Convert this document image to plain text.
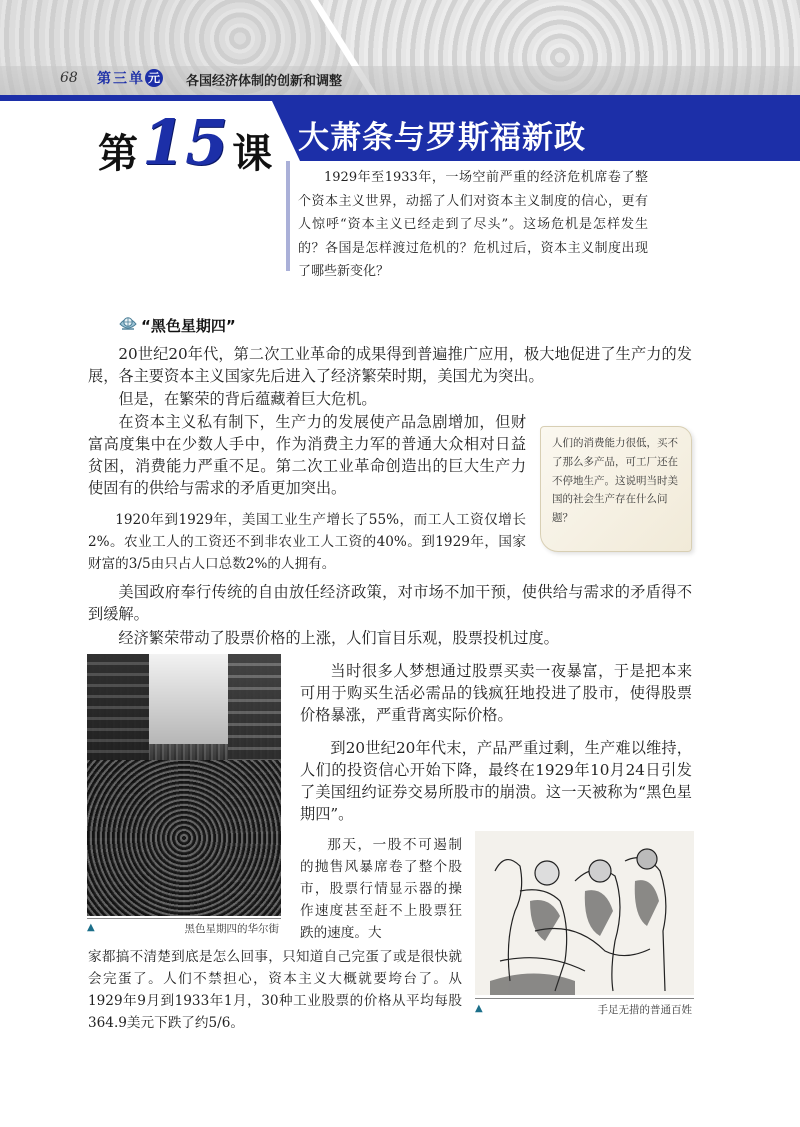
68 第 三 单 元 各国经济体制的创新和调整
第 15 课 大萧条与罗斯福新政
1929年至1933年，一场空前严重的经济危机席卷了整个资本主义世界，动摇了人们对资本主义制度的信心，更有人惊呼“资本主义已经走到了尽头”。这场危机是怎样发生的？各国是怎样渡过危机的？危机过后，资本主义制度出现了哪些新变化？
“黑色星期四”
20世纪20年代，第二次工业革命的成果得到普遍推广应用，极大地促进了生产力的发展，各主要资本主义国家先后进入了经济繁荣时期，美国尤为突出。
但是，在繁荣的背后蕴藏着巨大危机。
在资本主义私有制下，生产力的发展使产品急剧增加，但财富高度集中在少数人手中，作为消费主力军的普通大众相对日益贫困，消费能力严重不足。第二次工业革命创造出的巨大生产力使固有的供给与需求的矛盾更加突出。
1920年到1929年，美国工业生产增长了55%，而工人工资仅增长2%。农业工人的工资还不到非农业工人工资的40%。到1929年，国家财富的3/5由只占人口总数2%的人拥有。
人们的消费能力很低，买不了那么多产品，可工厂还在不停地生产。这说明当时美国的社会生产存在什么问题？
美国政府奉行传统的自由放任经济政策，对市场不加干预，使供给与需求的矛盾得不到缓解。
经济繁荣带动了股票价格的上涨，人们盲目乐观，股票投机过度。
▲	黑色星期四的华尔街
当时很多人梦想通过股票买卖一夜暴富，于是把本来可用于购买生活必需品的钱疯狂地投进了股市，使得股票价格暴涨，严重背离实际价格。
到20世纪20年代末，产品严重过剩，生产难以维持，人们的投资信心开始下降，最终在1929年10月24日引发了美国纽约证券交易所股市的崩溃。这一天被称为“黑色星期四”。
那天，一股不可遏制的抛售风暴席卷了整个股市，股票行情显示器的操作速度甚至赶不上股票狂跌的速度。大
家都搞不清楚到底是怎么回事，只知道自己完蛋了或是很快就会完蛋了。人们不禁担心，资本主义大概就要垮台了。从1929年9月到1933年1月，30种工业股票的价格从平均每股364.9美元下跌了约5/6。
▲	手足无措的普通百姓
